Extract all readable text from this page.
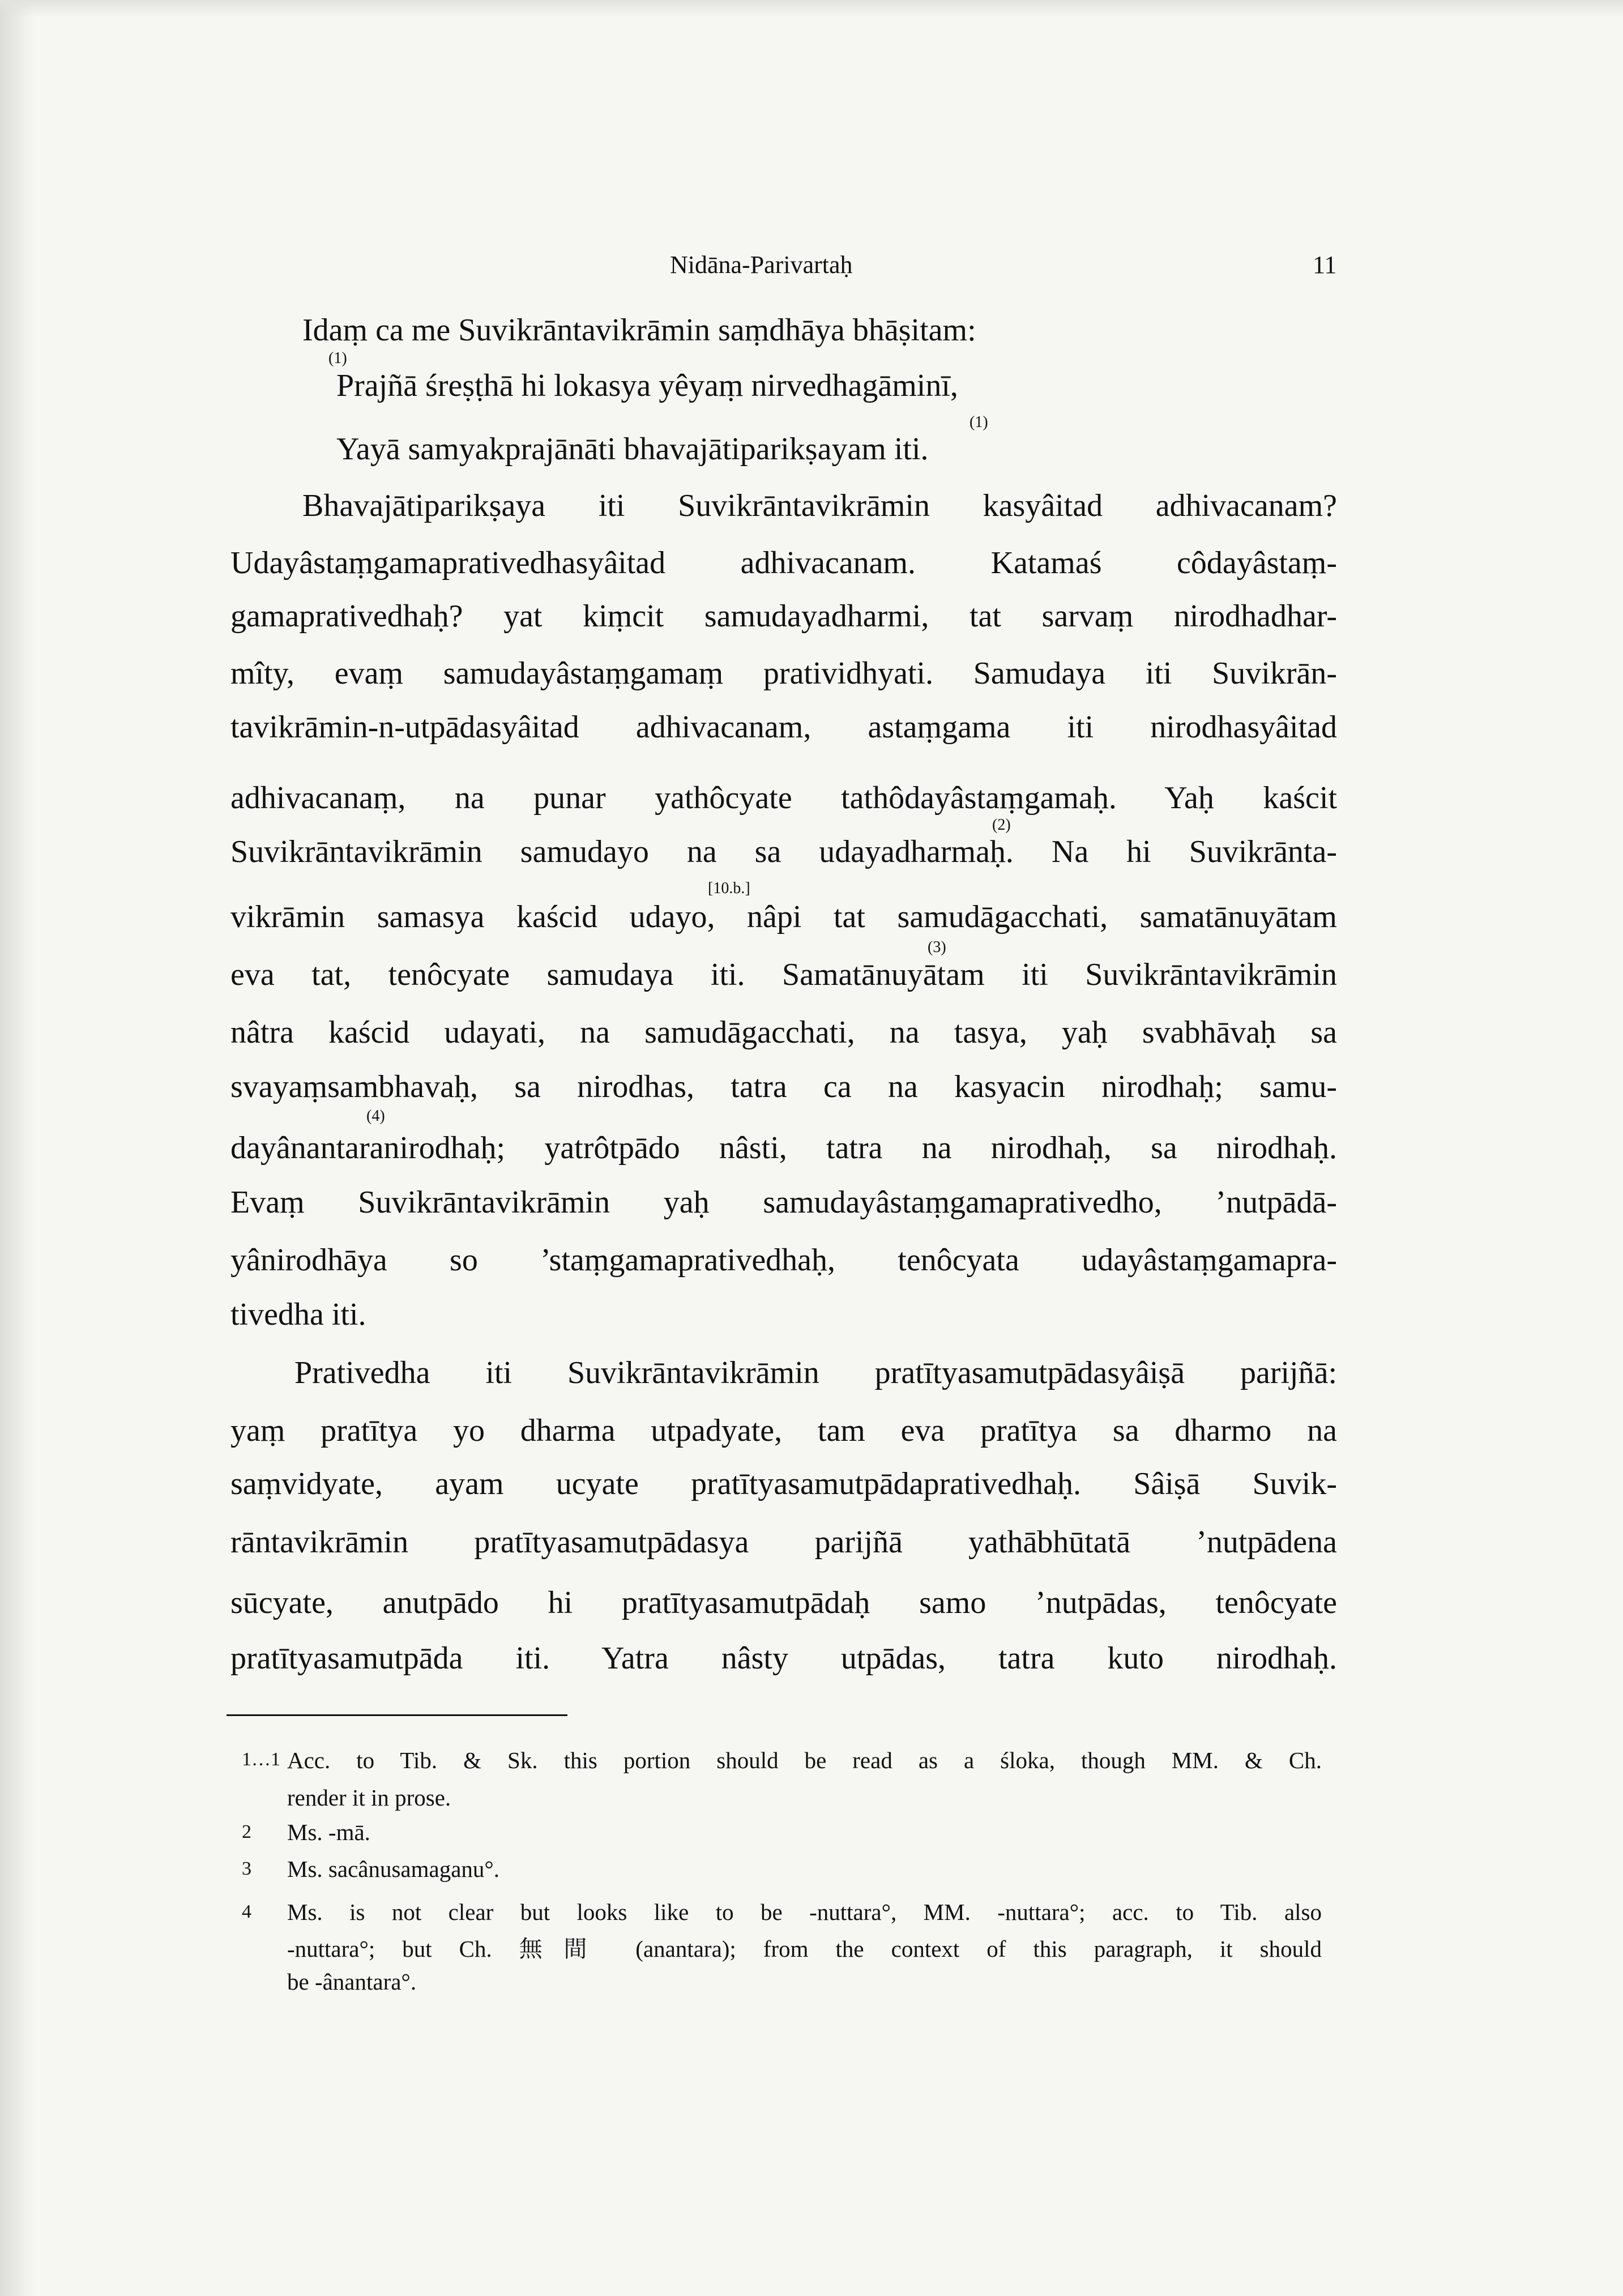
Nidāna-Parivartaḥ	11
Idaṃ ca me Suvikrāntavikrāmin saṃdhāya bhāṣitam:
Prajñā śreṣṭhā hi lokasya yêyaṃ nirvedhagāminī,
Yayā samyakprajānāti bhavajātiparikṣayam iti.
Bhavajātiparikṣaya iti Suvikrāntavikrāmin kasyâitad adhivacanam?
Udayâstaṃgamaprativedhasyâitad adhivacanam. Katamaś côdayâstaṃ-
gamaprativedhaḥ? yat kiṃcit samudayadharmi, tat sarvaṃ nirodhadhar-
mîty, evaṃ samudayâstaṃgamaṃ pratividhyati. Samudaya iti Suvikrān-
tavikrāmin-n-utpādasyâitad adhivacanam, astaṃgama iti nirodhasyâitad
adhivacanaṃ, na punar yathôcyate tathôdayâstaṃgamaḥ. Yaḥ kaścit
Suvikrāntavikrāmin samudayo na sa udayadharmaḥ. Na hi Suvikrānta-
vikrāmin samasya kaścid udayo, nâpi tat samudāgacchati, samatānuyātam
eva tat, tenôcyate samudaya iti. Samatānuyātam iti Suvikrāntavikrāmin
nâtra kaścid udayati, na samudāgacchati, na tasya, yaḥ svabhāvaḥ sa
svayaṃsambhavaḥ, sa nirodhas, tatra ca na kasyacin nirodhaḥ; samu-
dayânantaranirodhaḥ; yatrôtpādo nâsti, tatra na nirodhaḥ, sa nirodhaḥ.
Evaṃ Suvikrāntavikrāmin yaḥ samudayâstaṃgamaprativedho, ’nutpādā-
yânirodhāya so ’staṃgamaprativedhaḥ, tenôcyata udayâstaṃgamapra-
tivedha iti.
Prativedha iti Suvikrāntavikrāmin pratītyasamutpādasyâiṣā parijñā:
yaṃ pratītya yo dharma utpadyate, tam eva pratītya sa dharmo na
saṃvidyate, ayam ucyate pratītyasamutpādaprativedhaḥ. Sâiṣā Suvik-
rāntavikrāmin pratītyasamutpādasya parijñā yathābhūtatā ’nutpādena
sūcyate, anutpādo hi pratītyasamutpādaḥ samo ’nutpādas, tenôcyate
pratītyasamutpāda iti. Yatra nâsty utpādas, tatra kuto nirodhaḥ.
(1)
(1)
(2)
[10.b.]
(3)
(4)
1…1 Acc. to Tib. & Sk. this portion should be read as a śloka, though MM. & Ch.
render it in prose.
2 Ms. -mā.
3 Ms. sacânusamaganu°.
4 Ms. is not clear but looks like to be -nuttara°, MM. -nuttara°; acc. to Tib. also
-nuttara°; but Ch. 無間 (anantara); from the context of this paragraph, it should
be -ânantara°.
